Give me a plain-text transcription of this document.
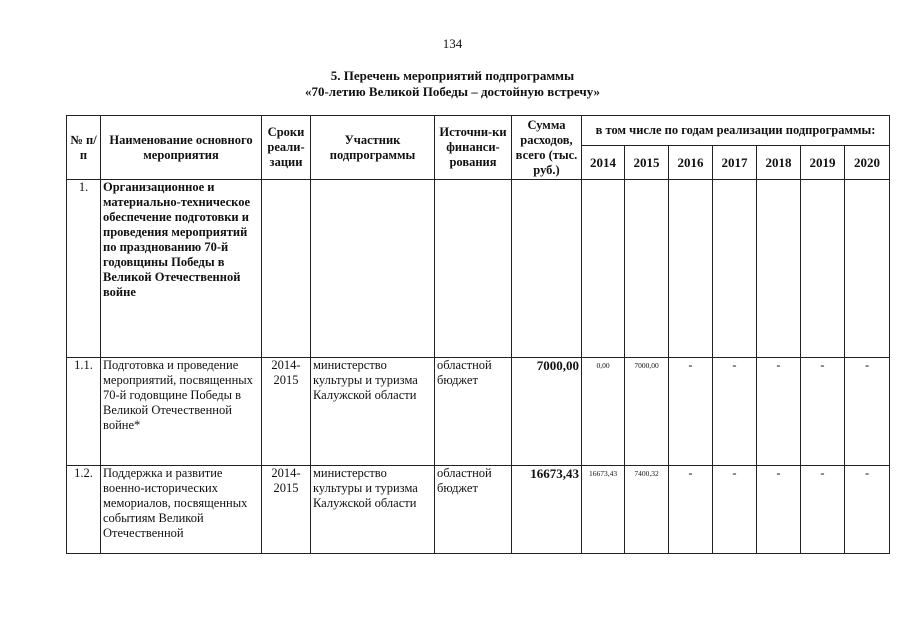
134
5. Перечень мероприятий подпрограммы
«70-летию Великой Победы – достойную встречу»
№ п/п	Наименование основного мероприятия	Сроки реали-зации	Участник подпрограммы	Источни-ки финанси-рования	Сумма расходов, всего (тыс. руб.)	в том числе по годам реализации подпрограммы:						
						2014	2015	2016	2017	2018	2019	2020
1.	Организационное и материально-техническое обеспечение подготовки и проведения мероприятий по празднованию 70-й годовщины Победы в Великой Отечественной войне											
1.1.	Подготовка и проведение мероприятий, посвященных 70-й годовщине Победы в Великой Отечественной войне*	2014-2015	министерство культуры и туризма Калужской области	областной бюджет	7000,00	0,00	7000,00	-	-	-	-	-
1.2.	Поддержка и развитие военно-исторических мемориалов, посвященных событиям Великой Отечественной	2014-2015	министерство культуры и туризма Калужской области	областной бюджет	16673,43	16673,43	7400,32	-	-	-	-	-
